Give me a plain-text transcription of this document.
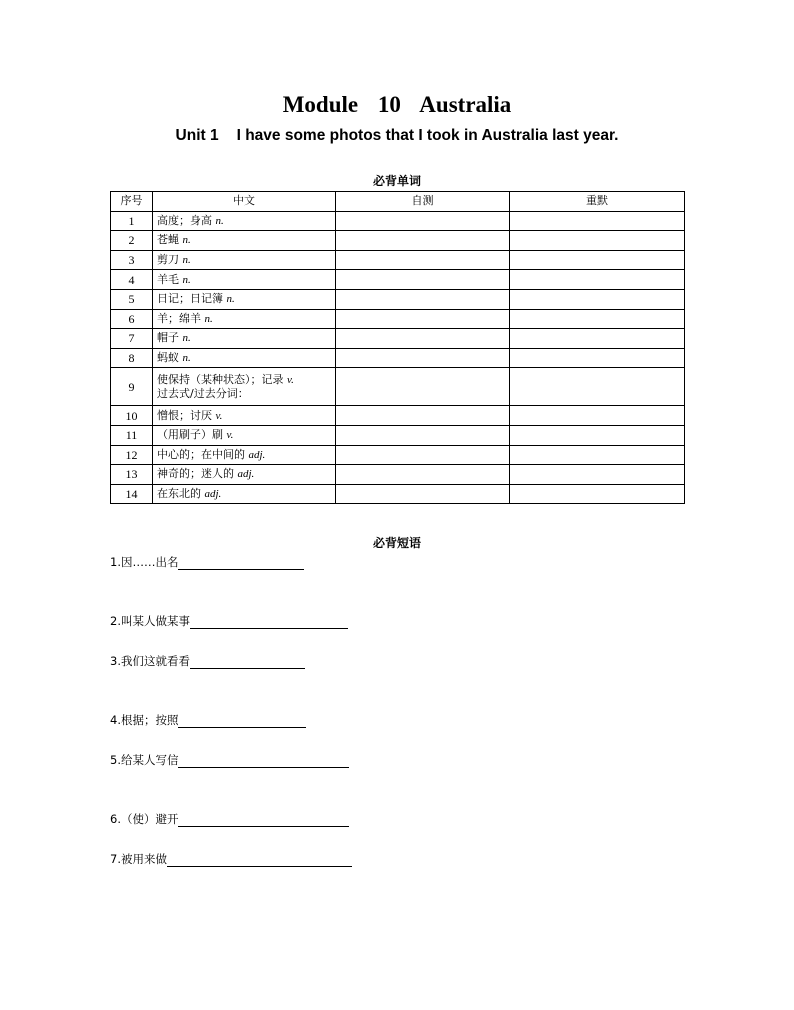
Module 10 Australia
Unit 1 I have some photos that I took in Australia last year.
必背单词
序号	中文	自测	重默
1	高度；身高 n.		

2	苍蝇 n.		

3	剪刀 n.		

4	羊毛 n.		

5	日记；日记簿 n.		

6	羊；绵羊 n.		

7	帽子 n.		

8	蚂蚁 n.		

9	使保持（某种状态）；记录 v.
过去式/过去分词：		

10	憎恨；讨厌 v.		

11	（用刷子）刷 v.		

12	中心的；在中间的 adj.		

13	神奇的；迷人的 adj.		

14	在东北的 adj.		

必背短语
1.因……出名
2.叫某人做某事
3.我们这就看看
4.根据；按照
5.给某人写信
6.（使）避开
7.被用来做
